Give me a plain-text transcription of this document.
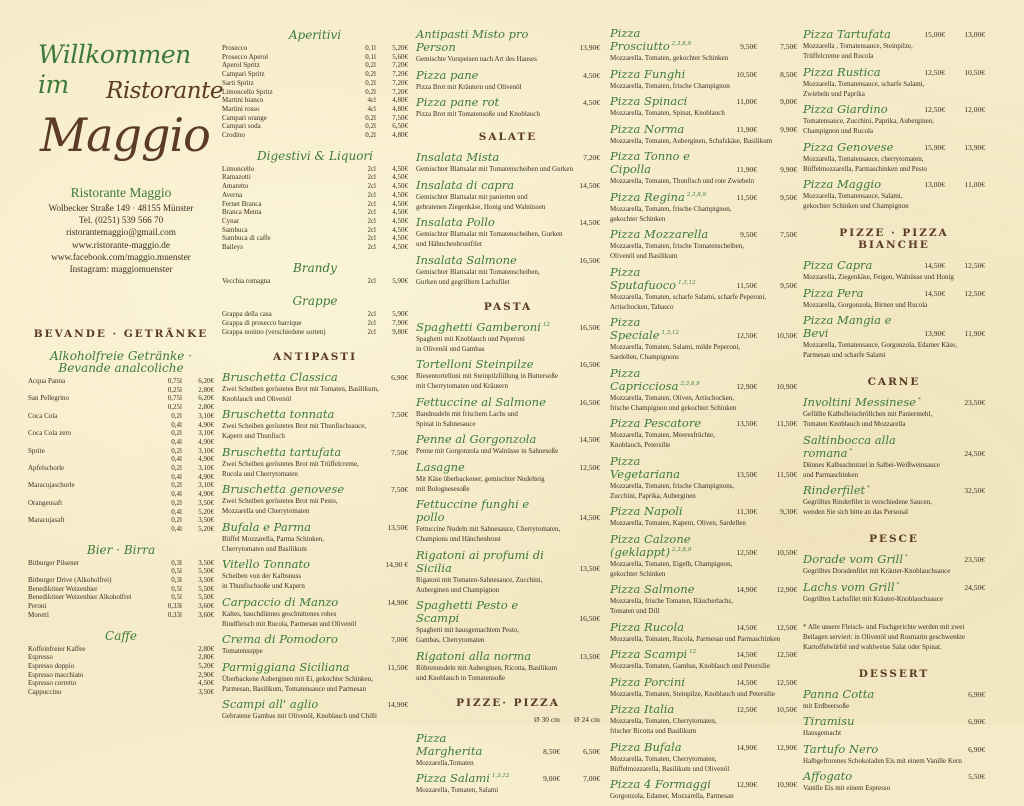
Willkommen im	Ristorante
Maggio
Ristorante Maggio
Wolbecker Straße 149 · 48155 Münster
Tel. (0251) 539 566 70
ristorantemaggio@gmail.com
www.ristorante-maggio.de
www.facebook.com/maggio.muenster
Instagram: maggiomuenster
BEVANDE · GETRÄNKE
Alkoholfreie Getränke ·
Bevande analcoliche
Acqua Panna	0,75l	6,20€
0,25l	2,80€
San Pellegrino	0,75l	6,20€
0,25l	2,80€
Coca Cola	0,2l	3,10€
0,4l	4,90€
Coca Cola zero	0,2l	3,10€
0,4l	4,90€
Sprite	0,2l	3,10€
0,4l	4,90€
Apfelschorle	0,2l	3,10€
0,4l	4,90€
Maracujaschorle	0,2l	3,10€
0,4l	4,90€
Orangensaft	0,2l	3,50€
0,4l	5,20€
Maracujasaft	0,2l	3,50€
0,4l	5,20€
Bier · Birra
Bitburger Pilsener	0,3l	3,50€
0,5l	5,50€
Bitburger Drive (Alkoholfrei)	0,3l	3,50€
Benediktiner Weizenbier	0,5l	5,50€
Benediktiner Weizenbier Alkoholfrei	0,5l	5,50€
Peroni	0,33l	3,60€
Moretti	0,33l	3,60€
Caffe
Koffeinfreier Kaffee	2,80€
Espresso	2,80€
Espresso doppio	5,20€
Espresso macchiato	2,90€
Espresso corretto	4,50€
Cappuccino	3,50€
Aperitivi
Prosecco	0,1l	5,20€
Prosecco Aperol	0,1l	5,60€
Aperol Spritz	0,2l	7,20€
Campari Spritz	0,2l	7,20€
Sarti Spritz	0,2l	7,20€
Limoncello Spritz	0,2l	7,20€
Martini bianco	4cl	4,80€
Martini rosso	4cl	4,80€
Campari orange	0,2l	7,50€
Campari soda	0,2l	6,50€
Crodino	0,2l	4,80€
Digestivi & Liquori
Limoncello	2cl	4,50€
Ramazotti	2cl	4,50€
Amaretto	2cl	4,50€
Averna	2cl	4,50€
Fernet Branca	2cl	4,50€
Branca Menta	2cl	4,50€
Cynar	2cl	4,50€
Sambuca	2cl	4,50€
Sambuca di caffe	2cl	4,50€
Baileys	2cl	4,50€
Brandy
Vecchia romagna	2cl	5,90€
Grappe
Grappa della casa	2cl	5,90€
Grappa di prosecco barrique	2cl	7,90€
Grappa nonino (verschiedene sorten)	2cl	9,80€
ANTIPASTI
Bruschetta Classica	6,90€
Zwei Scheiben geröstetes Brot mit Tomaten, Basilikum,
Knoblauch und Olivenöl
Bruschetta tonnata	7,50€
Zwei Scheiben geröstetes Brot mit Thunfischsauce,
Kapern und Thunfisch
Bruschetta tartufata	7,50€
Zwei Scheiben geröstetes Brot mit Trüffelcreme,
Rucola und Cherrytomaten
Bruschetta genovese	7,50€
Zwei Scheiben geröstetes Brot mit Pesto,
Mozzarella und Cherrytomaten
Bufala e Parma	13,50€
Büffel Mozzarella, Parma Schinken,
Cherrytomaten und Basilikum
Vitello Tonnato	14,90 €
Scheiben von der Kalbsnuss
in Thunfischsoße und Kapern
Carpaccio di Manzo	14,90€
Kaltes, hauchdünnes geschnittenes rohes
Rindfleisch mit Rucola, Parmesan und Olivenöl
Crema di Pomodoro	7,00€
Tomatensuppe
Parmiggiana Siciliana	11,50€
Überbackene Auberginen mit Ei, gekochter Schinken,
Parmesan, Basilikum, Tomatensauce und Parmesan
Scampi all' aglio	14,90€
Gebratene Gambas mit Olivenöl, Knoblauch und Chilli
Antipasti Misto pro Person	13,90€
Gemischte Vorspeisen nach Art des Hauses
Pizza pane	4,50€
Pizza Brot mit Kräutern und Olivenöl
Pizza pane rot	4,50€
Pizza Brot mit Tomatensoße und Knoblauch
SALATE
Insalata Mista	7,20€
Gemischter Blattsalat mit Tomatenscheiben und Gurken
Insalata di capra	14,50€
Gemischter Blattsalat mit panierten und
gebratenen Ziegenkäse, Honig und Walnüssen
Insalata Pollo	14,50€
Gemischter Blattsalat mit Tomatenscheiben, Gurken
und Hähnchenbrustfilet
Insalata Salmone	16,50€
Gemischter Blattsalat mit Tomatenscheiben,
Gurken und gegrilltem Lachsfilet
PASTA
Spaghetti Gamberoni $^{12}$	16,50€
Spaghetti mit Knoblauch und Peperoni
in Olivenöl und Gambas
Tortelloni Steinpilze	16,50€
Riesentortelloni mit Steinpilzfüllung in Buttersoße
mit Cherrytomaten und Kräutern
Fettuccine al Salmone	16,50€
Bandnudeln mit frischem Lachs und
Spinat in Sahnesauce
Penne al Gorgonzola	14,50€
Penne mit Gorgonzola und Walnüsse in Sahnesoße
Lasagne	12,50€
Mit Käse überbackener, gemischter Nudelteig
mit Bolognesesoße
Fettuccine funghi e pollo	14,50€
Fettuccine Nudeln mit Sahnesauce, Cherrytomaten,
Champions und Hänchenbrust
Rigatoni ai profumi di Sicilia	13,50€
Rigatoni mit Tomaten-Sahnesauce, Zucchini,
Auberginen und Champignon
Spaghetti Pesto e Scampi	16,50€
Spaghetti mit hausgemachtem Pesto,
Gambas, Cherrytomaten
Rigatoni alla norma	13,50€
Röhrennudeln mit Auberginen, Ricotta, Basilikum
und Knoblauch in Tomatensoße
PIZZE· PIZZA
Ø 30 cm	Ø 24 cm
Pizza Margherita	8,50€	6,50€
Mozzarella,Tomaten
Pizza Salami $^{1,3,12}$	9,00€	7,00€
Mozzarella, Tomaten, Salami
Pizza Prosciutto $^{2,3,8,9}$	9,50€	7,50€
Mozzarella, Tomaten, gekochter Schinken
Pizza Funghi	10,50€	8,50€
Mozzarella, Tomaten, frische Champignon
Pizza Spinaci	11,00€	9,00€
Mozzarella, Tomaten, Spinat, Knoblauch
Pizza Norma	11,90€	9,90€
Mozzarella, Tomaten, Auberginen, Schafskäse, Basilikum
Pizza Tonno e Cipolla	11,90€	9,90€
Mozzarella, Tomaten, Thunfisch und rote Zwiebeln
Pizza Regina $^{2,3,8,9}$	11,50€	9,50€
Mozzarella, Tomaten, frische Champignon,
gekochter Schinken
Pizza Mozzarella	9,50€	7,50€
Mozzarella, Tomaten, frische Tomatenscheiben,
Olivenöl und Basilikum
Pizza Sputafuoco $^{1,3,12}$	11,50€	9,50€
Mozzarella, Tomaten, scharfe Salami, scharfe Peperoni,
Artischocken, Tabasco
Pizza Speciale $^{1,3,12}$	12,50€	10,50€
Mozzarella, Tomaten, Salami, milde Peperoni,
Sardellen, Champignons
Pizza Capricciosa $^{2,3,8,9}$	12,90€	10,90€
Mozzarella, Tomaten, Oliven, Artischocken,
frische Champignon und gekochter Schinken
Pizza Pescatore	13,50€	11,50€
Mozzarella, Tomaten, Meeresfrüchte,
Knoblauch, Petersilie
Pizza Vegetariana	13,50€	11,50€
Mozzarella, Tomaten, frische Champignons,
Zucchini, Paprika, Auberginen
Pizza Napoli	11,30€	9,30€
Mozzarella, Tomaten, Kapern, Oliven, Sardellen
Pizza Calzone (geklappt) $^{2,3,8,9}$	12,50€	10,50€
Mozzarella, Tomaten, Eigelb, Champignon,
gekochter Schinken
Pizza Salmone	14,90€	12,90€
Mozzarella, frische Tomaten, Räucherlachs,
Tomaten und Dill
Pizza Rucola	14,50€	12,50€
Mozzarella, Tomaten, Rucola, Parmesan und Parmaschinken
Pizza Scampi $^{12}$	14,50€	12,50€
Mozzarella, Tomaten, Gambas, Knoblauch und Petersilie
Pizza Porcini	14,50€	12,50€
Mozzarella, Tomaten, Steinpilze, Knoblauch und Petersilie
Pizza Italia	12,50€	10,50€
Mozzarella, Tomaten, Cherrytomaten,
frischer Ricotta und Basilikum
Pizza Bufala	14,90€	12,90€
Mozzarella, Tomaten, Cherrytomaten,
Büffelmozzarella, Basilikum und Olivenöl
Pizza 4 Formaggi	12,90€	10,90€
Gorgonzola, Edamer, Mozzarella, Parmesan
Pizza Tartufata	15,00€	13,00€
Mozzarella , Tomatensauce, Steinpilze,
Trüffelcreme und Rucola
Pizza Rustica	12,50€	10,50€
Mozzarella, Tomatensauce, scharfe Salami,
Zwiebeln und Paprika
Pizza Giardino	12,50€	12,00€
Tomatensauce, Zucchini, Paprika, Auberginen,
Champignon und Rucola
Pizza Genovese	15,90€	13,90€
Mozzarella, Tomatensauce, cherrytomaten,
Büffelmozzarella, Parmaschinken und Pesto
Pizza Maggio	13,00€	11,00€
Mozzarella, Tomatensauce, Salami,
gekochter Schinken und Champignon
PIZZE · PIZZA BIANCHE
Pizza Capra	14,50€	12,50€
Mozzarella, Ziegenkäse, Feigen, Walnüsse und Honig
Pizza Pera	14,50€	12,50€
Mozzarella, Gorgonzola, Birnen und Rucola
Pizza Mangia e Bevi	13,90€	11,90€
Mozzarella, Tomatensauce, Gorgonzola, Edamer Käse,
Parmesan und scharfe Salami
CARNE
Involtini Messinese *	23,50€
Gefüllte Kalbsfleischröllchen mit Paniermehl,
Tomaten Knoblauch und Mozzarella
Saltinbocca alla romana *	24,50€
Dünnes Kalbsschnitzel in Salbei-Weißweinsauce
und Parmaschinken
Rinderfilet *	32,50€
Gegrilltes Rinderfilet in verschiedene Saucen,
wenden Sie sich bitte an das Personal
PESCE
Dorade vom Grill *	23,50€
Gegrilltes Doradenfilet mit Kräuter-Knoblauchsauce
Lachs vom Grill *	24,50€
Gegrilltes Lachsfilet mit Kräuter-Knoblauchsauce
* Alle unsere Fleisch- und Fischgerichte werden mit zwei Beilagen serviert: in Olivenöl und Rosmarin geschwenkte Kartoffelwürfel und wahlweise Salat oder Spinat.
DESSERT
Panna Cotta	6,90€
mit Erdbeersoße
Tiramisu	6,90€
Hausgemacht
Tartufo Nero	6,90€
Halbgefrorenes Schokoladen Eis mit einem Vanille Kern
Affogato	5,50€
Vanille Eis mit einem Espresso
